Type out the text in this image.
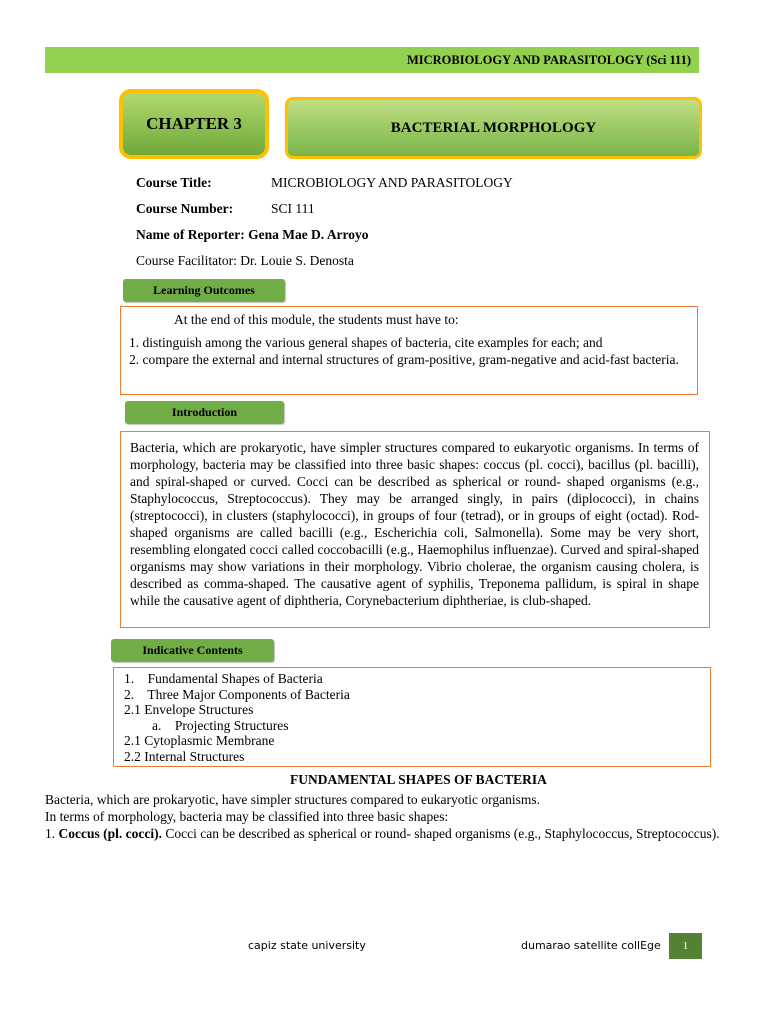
MICROBIOLOGY AND PARASITOLOGY (Sci 111)
CHAPTER 3	BACTERIAL MORPHOLOGY
Course Title:	MICROBIOLOGY AND PARASITOLOGY
Course Number:	SCI 111
Name of Reporter: Gena Mae D. Arroyo
Course Facilitator: Dr. Louie S. Denosta
Learning Outcomes
At the end of this module, the students must have to:
1. distinguish among the various general shapes of bacteria, cite examples for each; and
2. compare the external and internal structures of gram-positive, gram-negative and acid-fast bacteria.
Introduction
Bacteria, which are prokaryotic, have simpler structures compared to eukaryotic organisms. In terms of morphology, bacteria may be classified into three basic shapes: coccus (pl. cocci), bacillus (pl. bacilli), and spiral-shaped or curved. Cocci can be described as spherical or round- shaped organisms (e.g., Staphylococcus, Streptococcus). They may be arranged singly, in pairs (diplococci), in chains (streptococci), in clusters (staphylococci), in groups of four (tetrad), or in groups of eight (octad). Rod-shaped organisms are called bacilli (e.g., Escherichia coli, Salmonella). Some may be very short, resembling elongated cocci called coccobacilli (e.g., Haemophilus influenzae). Curved and spiral-shaped organisms may show variations in their morphology. Vibrio cholerae, the organism causing cholera, is described as comma-shaped. The causative agent of syphilis, Treponema pallidum, is spiral in shape while the causative agent of diphtheria, Corynebacterium diphtheriae, is club-shaped.
Indicative Contents
1.    Fundamental Shapes of Bacteria
2.    Three Major Components of Bacteria
2.1 Envelope Structures
a.    Projecting Structures
2.1 Cytoplasmic Membrane
2.2 Internal Structures
FUNDAMENTAL SHAPES OF BACTERIA
Bacteria, which are prokaryotic, have simpler structures compared to eukaryotic organisms.
In terms of morphology, bacteria may be classified into three basic shapes:
1. Coccus (pl. cocci). Cocci can be described as spherical or round- shaped organisms (e.g., Staphylococcus, Streptococcus).
capiz state university	dumarao satellite collEge	1
